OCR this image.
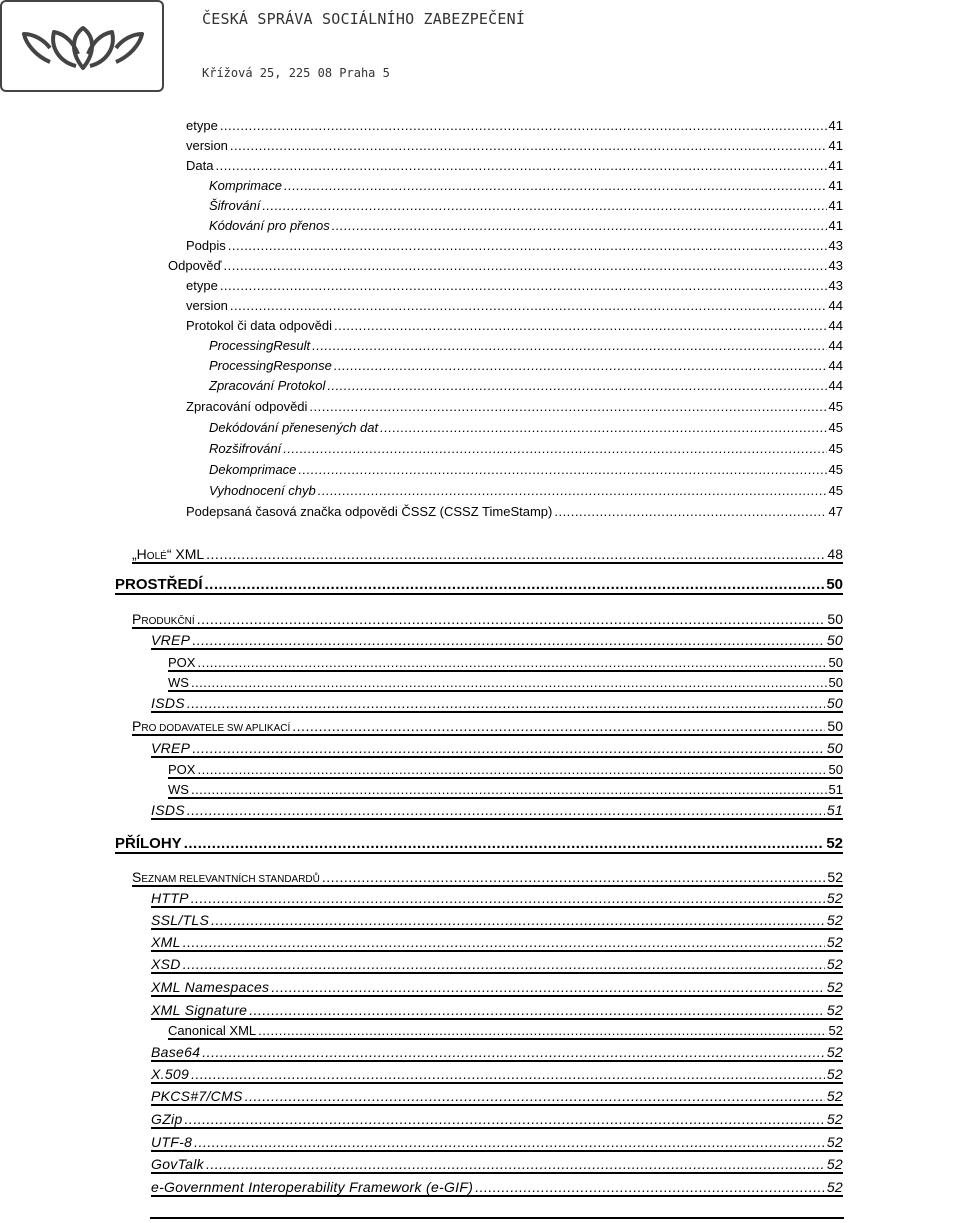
ČESKÁ SPRÁVA SOCIÁLNÍHO ZABEZPEČENÍ
Křížová 25, 225 08 Praha 5
etype .....	41
version .....	41
Data .....	41
Komprimace .....	41
Šifrování .....	41
Kódování pro přenos .....	41
Podpis .....	43
Odpověď .....	43
etype .....	43
version .....	44
Protokol či data odpovědi .....	44
ProcessingResult .....	44
ProcessingResponse .....	44
Zpracování Protokol .....	44
Zpracování odpovědi .....	45
Dekódování přenesených dat .....	45
Rozšifrování .....	45
Dekomprimace .....	45
Vyhodnocení chyb .....	45
Podepsaná časová značka odpovědi ČSSZ (CSSZ TimeStamp) .....	47
„HOLÉ“ XML .....	48
PROSTŘEDÍ .....	50
PRODUKČNÍ .....	50
VREP .....	50
POX .....	50
WS .....	50
ISDS .....	50
PRO DODAVATELE SW APLIKACÍ .....	50
VREP .....	50
POX .....	50
WS .....	51
ISDS .....	51
PŘÍLOHY .....	52
SEZNAM RELEVANTNÍCH STANDARDŮ .....	52
HTTP .....	52
SSL/TLS .....	52
XML .....	52
XSD .....	52
XML Namespaces .....	52
XML Signature .....	52
Canonical XML .....	52
Base64 .....	52
X.509 .....	52
PKCS#7/CMS .....	52
GZip .....	52
UTF-8 .....	52
GovTalk .....	52
e-Government Interoperability Framework (e-GIF) .....	52
